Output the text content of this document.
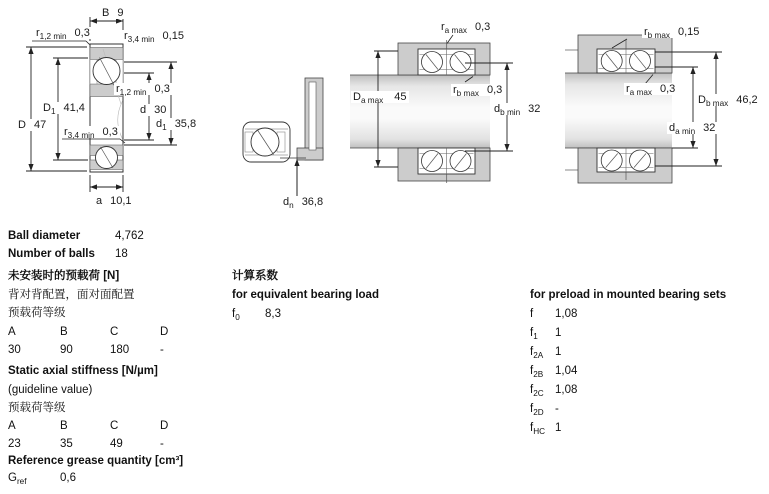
B 9
$r_{1,2 min}$ 0,3	$r_{3,4 min}$ 0,15
$r_{1,2 min}$ 0,3
$D_1$ 41,4	d 30
D 47	$d_1$ 35,8
$r_{3,4 min}$ 0,3
a 10,1	$d_n$ 36,8
$r_{a max}$ 0,3
$D_{a max}$ 45
$r_{b max}$ 0,3
$d_{b min}$ 32
$r_{b max}$ 0,15
$r_{a max}$ 0,3
$D_{b max}$ 46,2
$d_{a min}$ 32
Ball diameter	4,762
Number of balls 18
未安装时的预载荷 [N]
背对背配置，面对面配置
预载荷等级
A	B	C	D
30	90	180	-
Static axial stiffness [N/µm]
(guideline value)
预载荷等级
A	B	C	D
23	35	49	-
Reference grease quantity [cm³]
$G_{ref}$	0,6
计算系数
for equivalent bearing load
$f_0$ 8,3
for preload in mounted bearing sets
f 1,08
$f_1$ 1
$f_{2A}$ 1
$f_{2B}$ 1,04
$f_{2C}$ 1,08
$f_{2D}$ -
$f_{HC}$ 1
